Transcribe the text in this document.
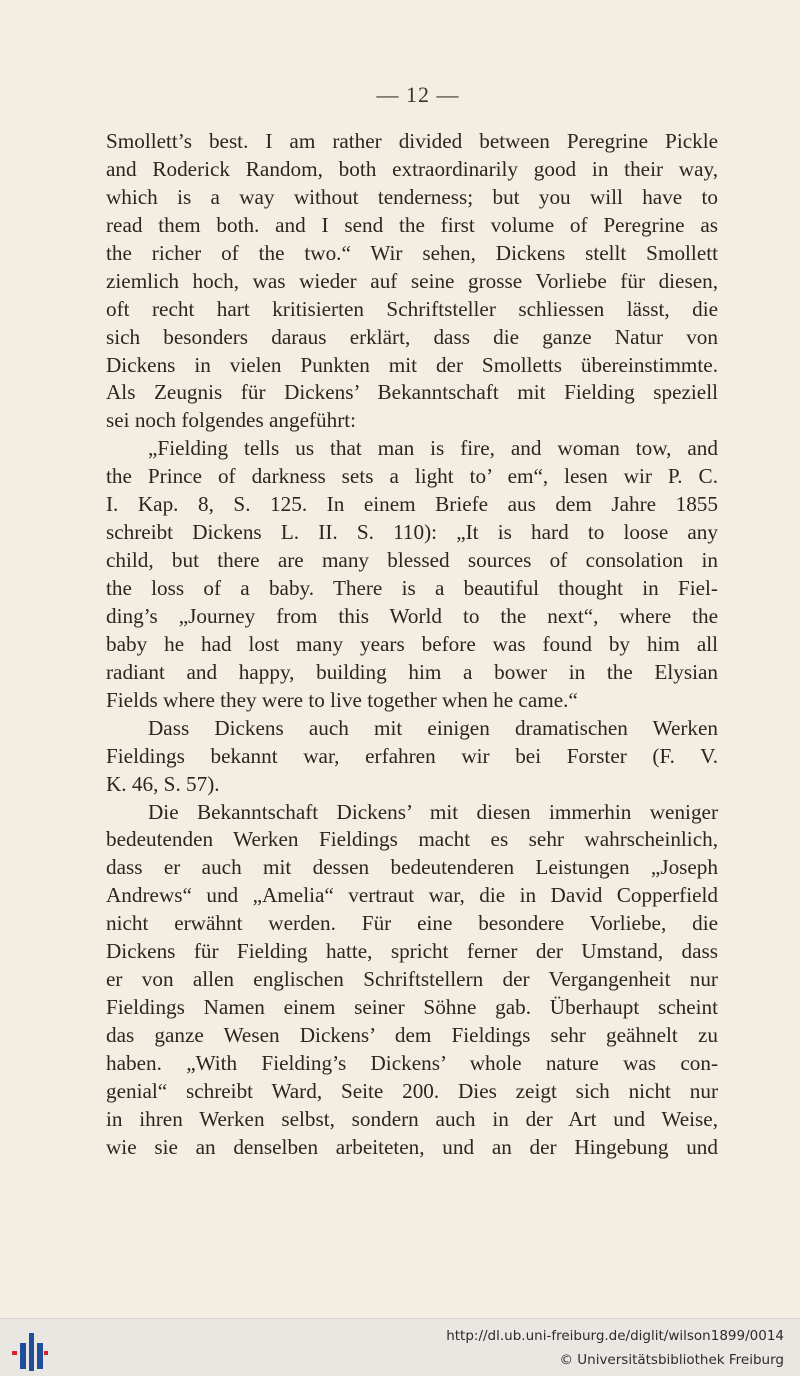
— 12 —
Smollett’s best. I am rather divided between Peregrine Pickle
and Roderick Random, both extraordinarily good in their way,
which is a way without tenderness; but you will have to
read them both. and I send the first volume of Peregrine as
the richer of the two.“ Wir sehen, Dickens stellt Smollett
ziemlich hoch, was wieder auf seine grosse Vorliebe für diesen,
oft recht hart kritisierten Schriftsteller schliessen lässt, die
sich besonders daraus erklärt, dass die ganze Natur von
Dickens in vielen Punkten mit der Smolletts übereinstimmte.
Als Zeugnis für Dickens’ Bekanntschaft mit Fielding speziell
sei noch folgendes angeführt:
„Fielding tells us that man is fire, and woman tow, and
the Prince of darkness sets a light to’ em“, lesen wir P. C.
I. Kap. 8, S. 125. In einem Briefe aus dem Jahre 1855
schreibt Dickens L. II. S. 110): „It is hard to loose any
child, but there are many blessed sources of consolation in
the loss of a baby. There is a beautiful thought in Fiel-
ding’s „Journey from this World to the next“, where the
baby he had lost many years before was found by him all
radiant and happy, building him a bower in the Elysian
Fields where they were to live together when he came.“
Dass Dickens auch mit einigen dramatischen Werken
Fieldings bekannt war, erfahren wir bei Forster (F. V.
K. 46, S. 57).
Die Bekanntschaft Dickens’ mit diesen immerhin weniger
bedeutenden Werken Fieldings macht es sehr wahrscheinlich,
dass er auch mit dessen bedeutenderen Leistungen „Joseph
Andrews“ und „Amelia“ vertraut war, die in David Copperfield
nicht erwähnt werden. Für eine besondere Vorliebe, die
Dickens für Fielding hatte, spricht ferner der Umstand, dass
er von allen englischen Schriftstellern der Vergangenheit nur
Fieldings Namen einem seiner Söhne gab. Überhaupt scheint
das ganze Wesen Dickens’ dem Fieldings sehr geähnelt zu
haben. „With Fielding’s Dickens’ whole nature was con-
genial“ schreibt Ward, Seite 200. Dies zeigt sich nicht nur
in ihren Werken selbst, sondern auch in der Art und Weise,
wie sie an denselben arbeiteten, und an der Hingebung und
http://dl.ub.uni-freiburg.de/diglit/wilson1899/0014
© Universitätsbibliothek Freiburg
